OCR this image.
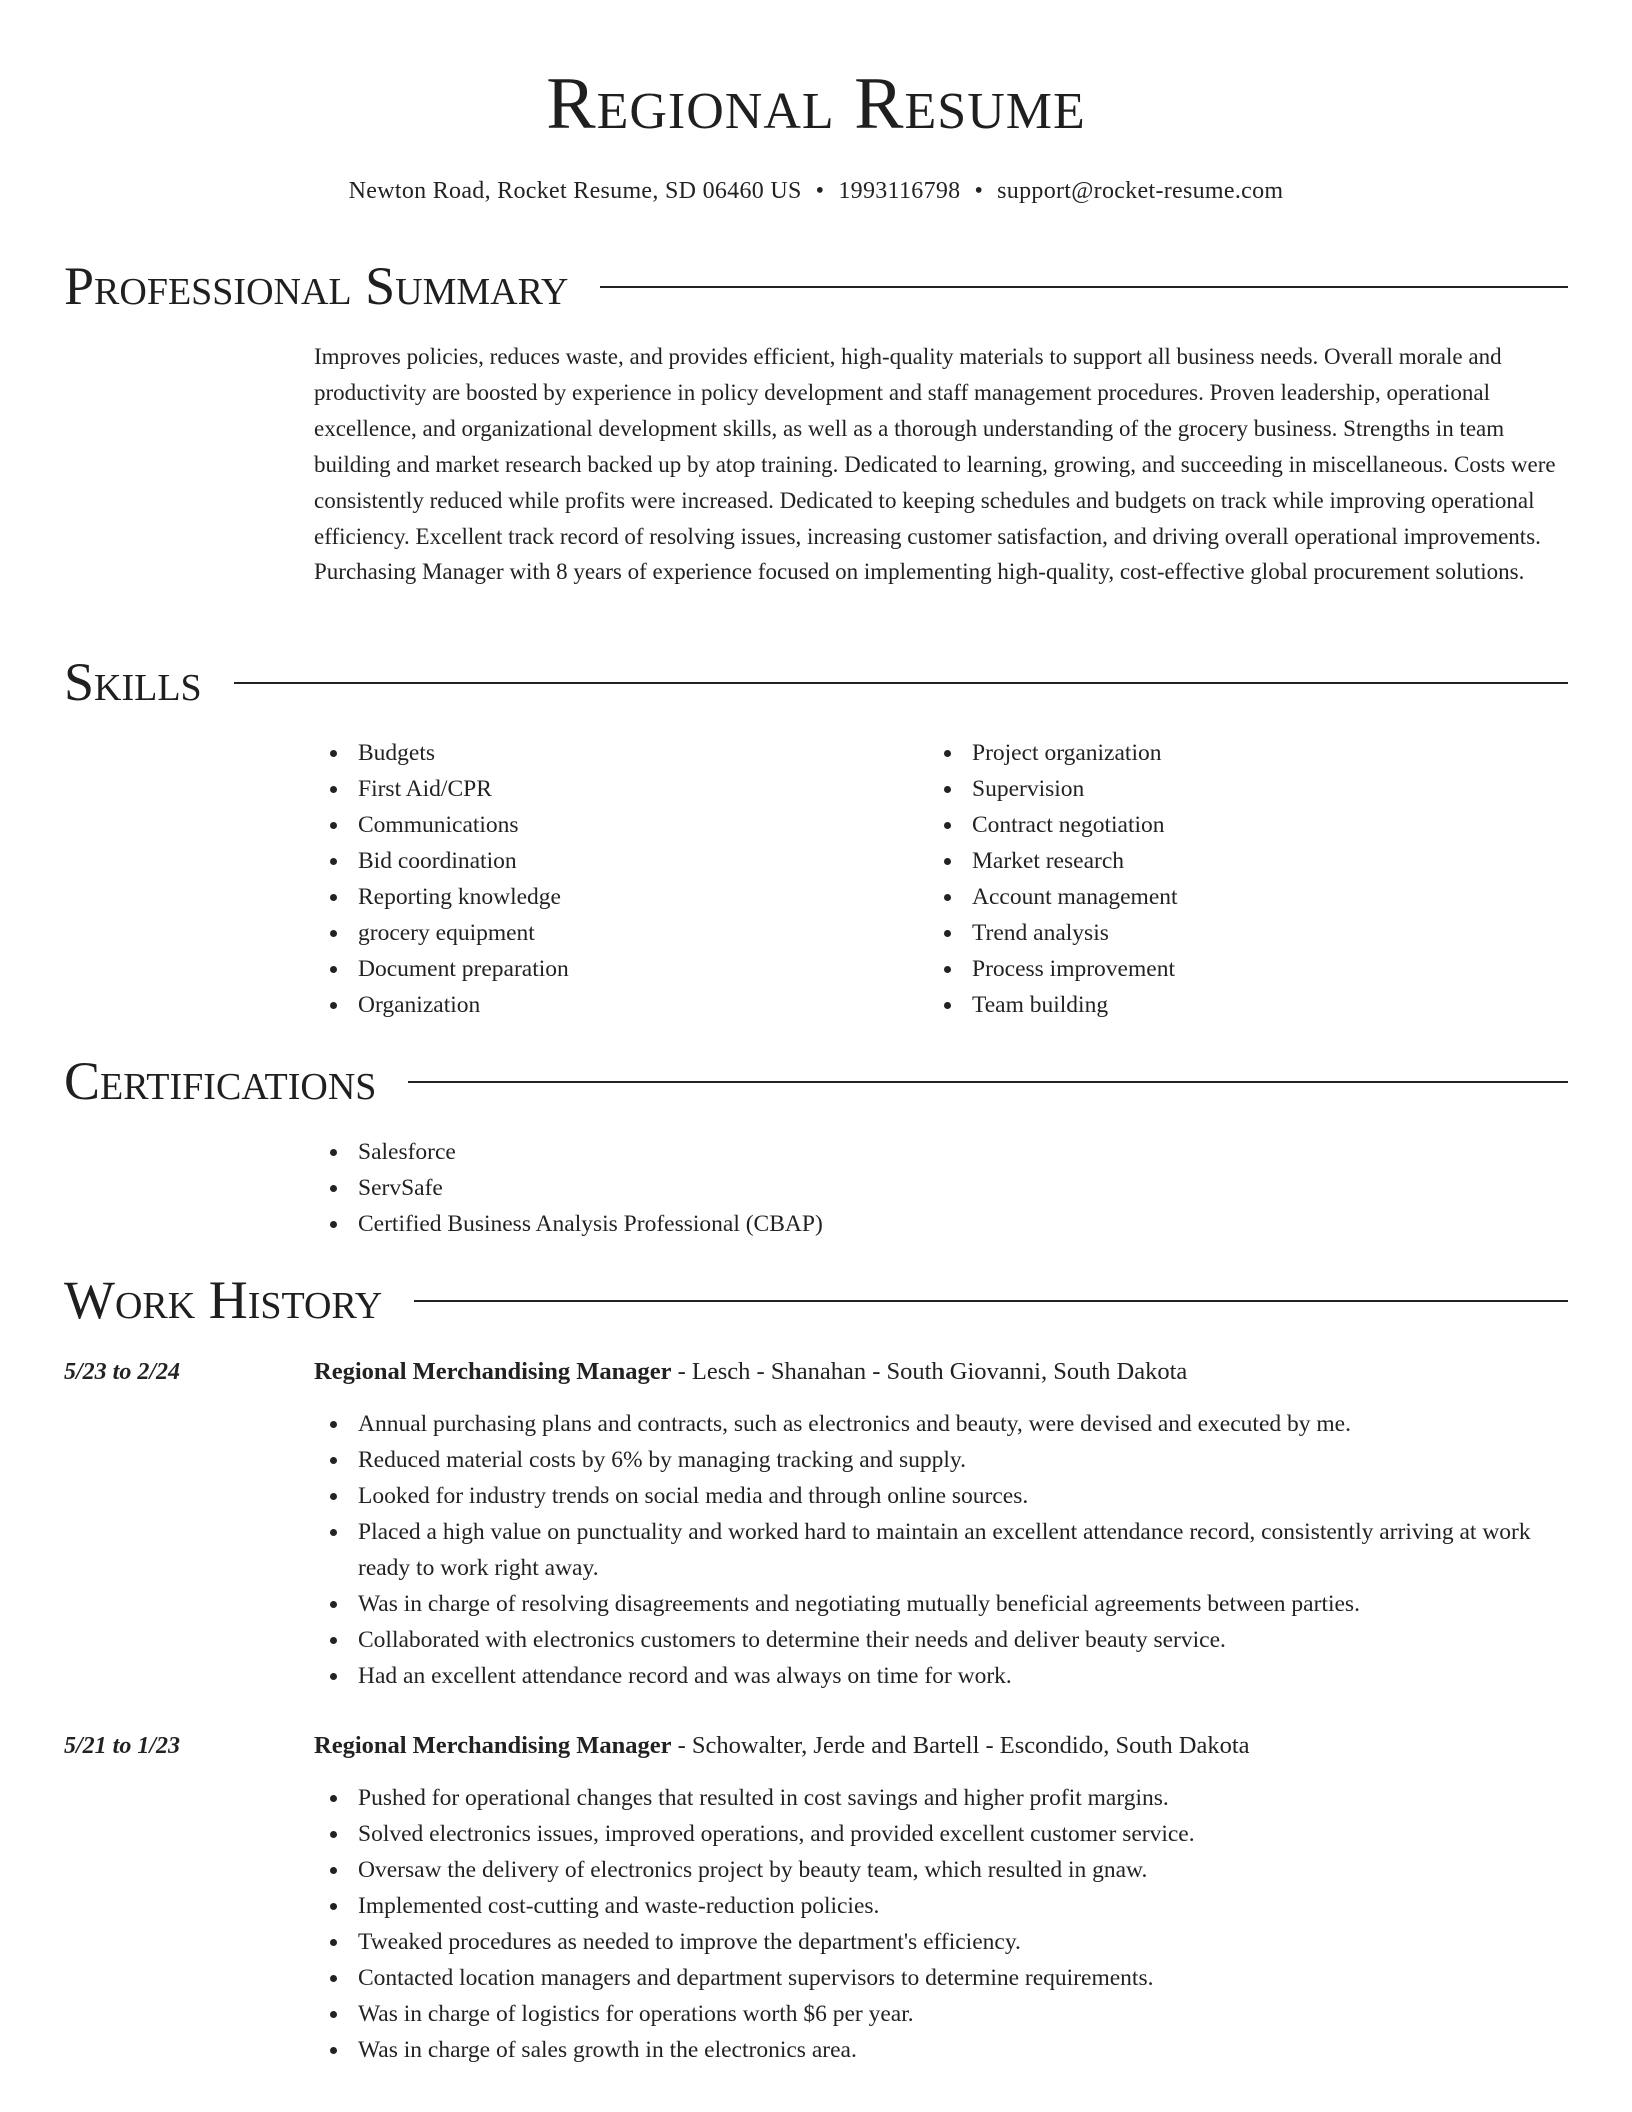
Regional Resume
Newton Road, Rocket Resume, SD 06460 US • 1993116798 • support@rocket-resume.com
Professional Summary

Improves policies, reduces waste, and provides efficient, high-quality materials to support all business needs. Overall morale and productivity are boosted by experience in policy development and staff management procedures. Proven leadership, operational excellence, and organizational development skills, as well as a thorough understanding of the grocery business. Strengths in team building and market research backed up by atop training. Dedicated to learning, growing, and succeeding in miscellaneous. Costs were consistently reduced while profits were increased. Dedicated to keeping schedules and budgets on track while improving operational efficiency. Excellent track record of resolving issues, increasing customer satisfaction, and driving overall operational improvements. Purchasing Manager with 8 years of experience focused on implementing high-quality, cost-effective global procurement solutions.

Skills
Budgets
First Aid/CPR
Communications
Bid coordination
Reporting knowledge
grocery equipment
Document preparation
Organization
Project organization
Supervision
Contract negotiation
Market research
Account management
Trend analysis
Process improvement
Team building
Certifications
Salesforce
ServSafe
Certified Business Analysis Professional (CBAP)
Work History
5/23 to 2/24	Regional Merchandising Manager - Lesch - Shanahan - South Giovanni, South Dakota
Annual purchasing plans and contracts, such as electronics and beauty, were devised and executed by me.
Reduced material costs by 6% by managing tracking and supply.
Looked for industry trends on social media and through online sources.
Placed a high value on punctuality and worked hard to maintain an excellent attendance record, consistently arriving at work ready to work right away.
Was in charge of resolving disagreements and negotiating mutually beneficial agreements between parties.
Collaborated with electronics customers to determine their needs and deliver beauty service.
Had an excellent attendance record and was always on time for work.
5/21 to 1/23	Regional Merchandising Manager - Schowalter, Jerde and Bartell - Escondido, South Dakota
Pushed for operational changes that resulted in cost savings and higher profit margins.
Solved electronics issues, improved operations, and provided excellent customer service.
Oversaw the delivery of electronics project by beauty team, which resulted in gnaw.
Implemented cost-cutting and waste-reduction policies.
Tweaked procedures as needed to improve the department's efficiency.
Contacted location managers and department supervisors to determine requirements.
Was in charge of logistics for operations worth $6 per year.
Was in charge of sales growth in the electronics area.
